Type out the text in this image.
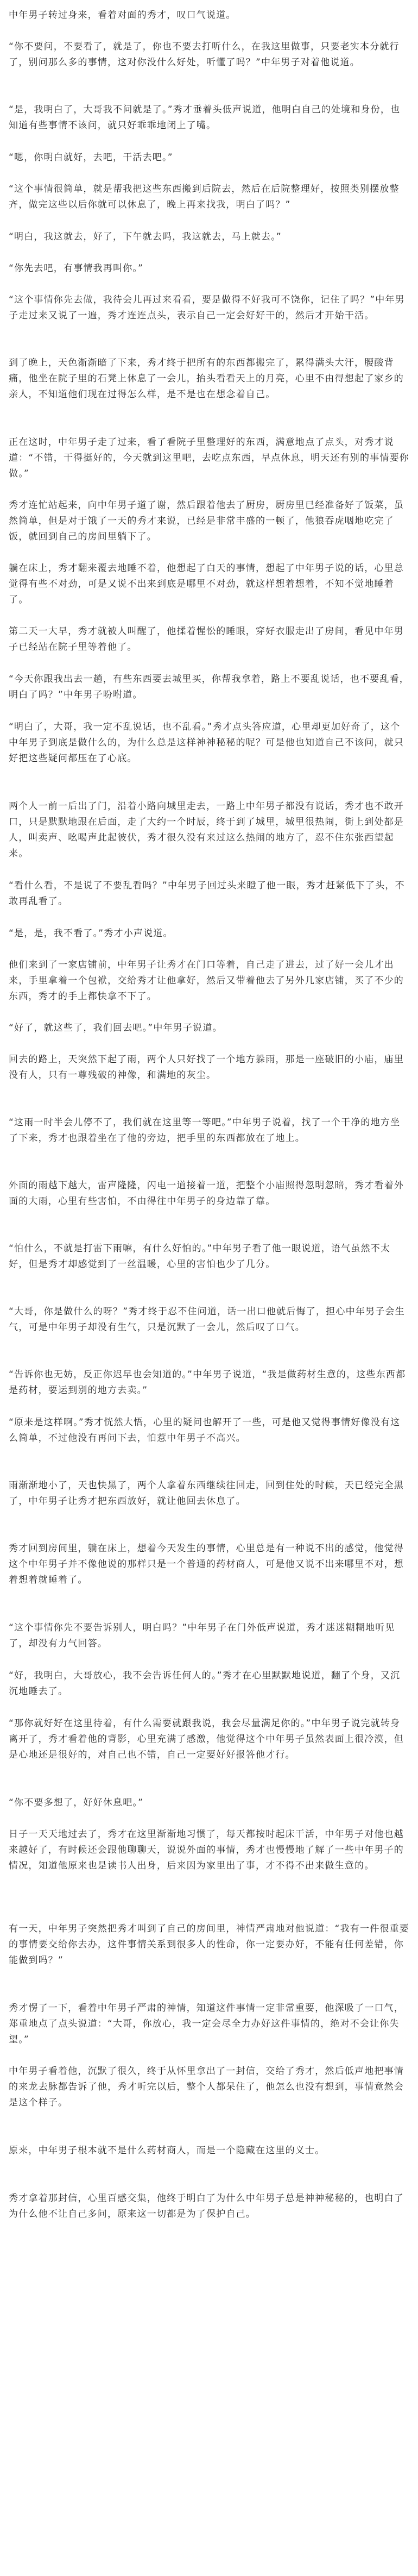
中年男子转过身来，看着对面的秀才，叹口气说道。

“你不要问，不要看了，就是了，你也不要去打听什么，在我这里做事，只要老实本分就行了，别问那么多的事情，这对你没什么好处，听懂了吗？”中年男子对着他说道。

“是，我明白了，大哥我不问就是了。”秀才垂着头低声说道，他明白自己的处境和身份，也知道有些事情不该问，就只好乖乖地闭上了嘴。

“嗯，你明白就好，去吧，干活去吧。”

“这个事情很简单，就是帮我把这些东西搬到后院去，然后在后院整理好，按照类别摆放整齐，做完这些以后你就可以休息了，晚上再来找我，明白了吗？”

“明白，我这就去，好了，下午就去吗，我这就去，马上就去。”

“你先去吧，有事情我再叫你。”

“这个事情你先去做，我待会儿再过来看看，要是做得不好我可不饶你，记住了吗？”中年男子走过来又说了一遍，秀才连连点头，表示自己一定会好好干的，然后才开始干活。

到了晚上，天色渐渐暗了下来，秀才终于把所有的东西都搬完了，累得满头大汗，腰酸背痛，他坐在院子里的石凳上休息了一会儿，抬头看看天上的月亮，心里不由得想起了家乡的亲人，不知道他们现在过得怎么样，是不是也在想念着自己。

正在这时，中年男子走了过来，看了看院子里整理好的东西，满意地点了点头，对秀才说道：“不错，干得挺好的，今天就到这里吧，去吃点东西，早点休息，明天还有别的事情要你做。”

秀才连忙站起来，向中年男子道了谢，然后跟着他去了厨房，厨房里已经准备好了饭菜，虽然简单，但是对于饿了一天的秀才来说，已经是非常丰盛的一顿了，他狼吞虎咽地吃完了饭，就回到自己的房间里躺下了。

躺在床上，秀才翻来覆去地睡不着，他想起了白天的事情，想起了中年男子说的话，心里总觉得有些不对劲，可是又说不出来到底是哪里不对劲，就这样想着想着，不知不觉地睡着了。

第二天一大早，秀才就被人叫醒了，他揉着惺忪的睡眼，穿好衣服走出了房间，看见中年男子已经站在院子里等着他了。

“今天你跟我出去一趟，有些东西要去城里买，你帮我拿着，路上不要乱说话，也不要乱看，明白了吗？”中年男子吩咐道。

“明白了，大哥，我一定不乱说话，也不乱看。”秀才点头答应道，心里却更加好奇了，这个中年男子到底是做什么的，为什么总是这样神神秘秘的呢？可是他也知道自己不该问，就只好把这些疑问都压在了心底。

两个人一前一后出了门，沿着小路向城里走去，一路上中年男子都没有说话，秀才也不敢开口，只是默默地跟在后面，走了大约一个时辰，终于到了城里，城里很热闹，街上到处都是人，叫卖声、吆喝声此起彼伏，秀才很久没有来过这么热闹的地方了，忍不住东张西望起来。

“看什么看，不是说了不要乱看吗？”中年男子回过头来瞪了他一眼，秀才赶紧低下了头，不敢再乱看了。

“是，是，我不看了。”秀才小声说道。

他们来到了一家店铺前，中年男子让秀才在门口等着，自己走了进去，过了好一会儿才出来，手里拿着一个包袱，交给秀才让他拿好，然后又带着他去了另外几家店铺，买了不少的东西，秀才的手上都快拿不下了。

“好了，就这些了，我们回去吧。”中年男子说道。

回去的路上，天突然下起了雨，两个人只好找了一个地方躲雨，那是一座破旧的小庙，庙里没有人，只有一尊残破的神像，和满地的灰尘。

“这雨一时半会儿停不了，我们就在这里等一等吧。”中年男子说着，找了一个干净的地方坐了下来，秀才也跟着坐在了他的旁边，把手里的东西都放在了地上。

外面的雨越下越大，雷声隆隆，闪电一道接着一道，把整个小庙照得忽明忽暗，秀才看着外面的大雨，心里有些害怕，不由得往中年男子的身边靠了靠。

“怕什么，不就是打雷下雨嘛，有什么好怕的。”中年男子看了他一眼说道，语气虽然不太好，但是秀才却感觉到了一丝温暖，心里的害怕也少了几分。

“大哥，你是做什么的呀？”秀才终于忍不住问道，话一出口他就后悔了，担心中年男子会生气，可是中年男子却没有生气，只是沉默了一会儿，然后叹了口气。

“告诉你也无妨，反正你迟早也会知道的。”中年男子说道，“我是做药材生意的，这些东西都是药材，要运到别的地方去卖。”

“原来是这样啊。”秀才恍然大悟，心里的疑问也解开了一些，可是他又觉得事情好像没有这么简单，不过他没有再问下去，怕惹中年男子不高兴。

雨渐渐地小了，天也快黑了，两个人拿着东西继续往回走，回到住处的时候，天已经完全黑了，中年男子让秀才把东西放好，就让他回去休息了。

秀才回到房间里，躺在床上，想着今天发生的事情，心里总是有一种说不出的感觉，他觉得这个中年男子并不像他说的那样只是一个普通的药材商人，可是他又说不出来哪里不对，想着想着就睡着了。

“这个事情你先不要告诉别人，明白吗？”中年男子在门外低声说道，秀才迷迷糊糊地听见了，却没有力气回答。

“好，我明白，大哥放心，我不会告诉任何人的。”秀才在心里默默地说道，翻了个身，又沉沉地睡去了。

“那你就好好在这里待着，有什么需要就跟我说，我会尽量满足你的。”中年男子说完就转身离开了，秀才看着他的背影，心里充满了感激，他觉得这个中年男子虽然表面上很冷漠，但是心地还是很好的，对自己也不错，自己一定要好好报答他才行。

“你不要多想了，好好休息吧。”

日子一天天地过去了，秀才在这里渐渐地习惯了，每天都按时起床干活，中年男子对他也越来越好了，有时候还会跟他聊聊天，说说外面的事情，秀才也慢慢地了解了一些中年男子的情况，知道他原来也是读书人出身，后来因为家里出了事，才不得不出来做生意的。

有一天，中年男子突然把秀才叫到了自己的房间里，神情严肃地对他说道：“我有一件很重要的事情要交给你去办，这件事情关系到很多人的性命，你一定要办好，不能有任何差错，你能做到吗？”

秀才愣了一下，看着中年男子严肃的神情，知道这件事情一定非常重要，他深吸了一口气，郑重地点了点头说道：“大哥，你放心，我一定会尽全力办好这件事情的，绝对不会让你失望。”

中年男子看着他，沉默了很久，终于从怀里拿出了一封信，交给了秀才，然后低声地把事情的来龙去脉都告诉了他，秀才听完以后，整个人都呆住了，他怎么也没有想到，事情竟然会是这个样子。

原来，中年男子根本就不是什么药材商人，而是一个隐藏在这里的义士。

秀才拿着那封信，心里百感交集，他终于明白了为什么中年男子总是神神秘秘的，也明白了为什么他不让自己多问，原来这一切都是为了保护自己。
